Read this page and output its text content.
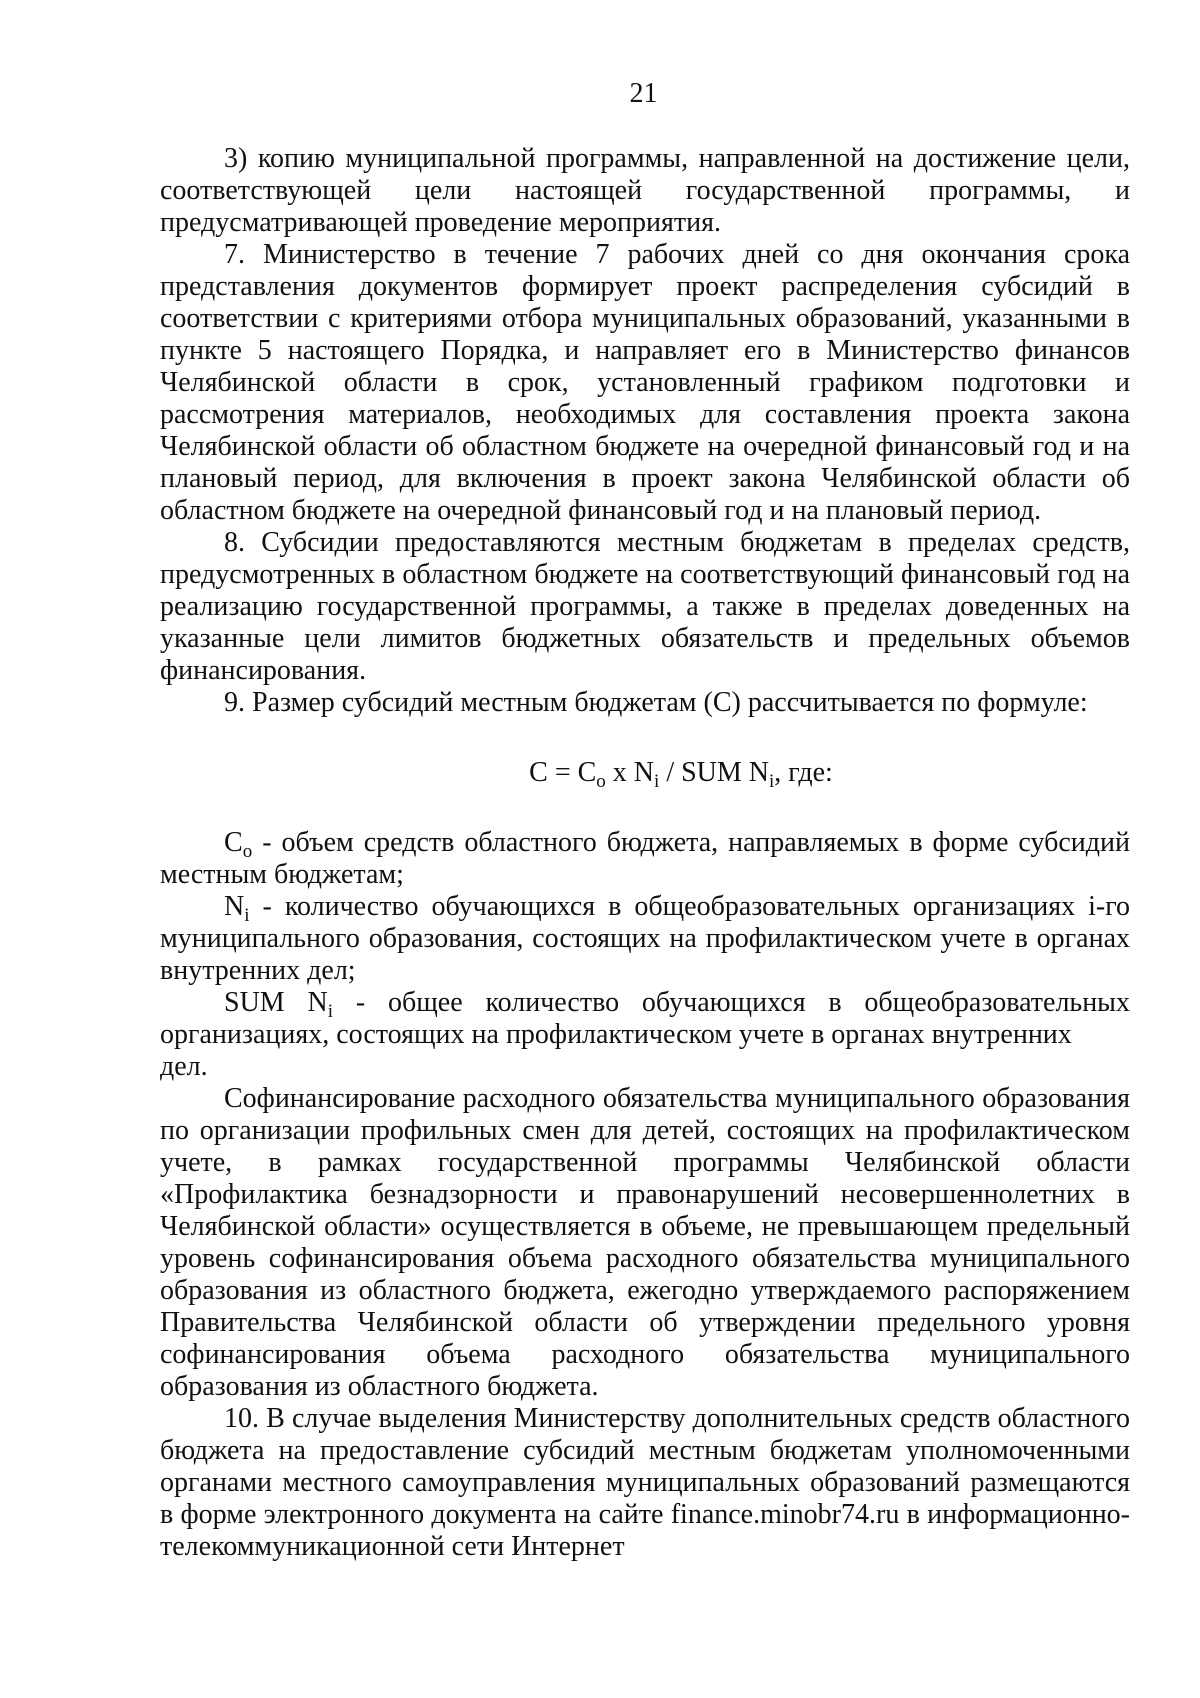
21

3) копию муниципальной программы, направленной на достижение цели, соответствующей цели настоящей государственной программы, и предусматривающей проведение мероприятия.

7. Министерство в течение 7 рабочих дней со дня окончания срока представления документов формирует проект распределения субсидий в соответствии с критериями отбора муниципальных образований, указанными в пункте 5 настоящего Порядка, и направляет его в Министерство финансов Челябинской области в срок, установленный графиком подготовки и рассмотрения материалов, необходимых для составления проекта закона Челябинской области об областном бюджете на очередной финансовый год и на плановый период, для включения в проект закона Челябинской области об областном бюджете на очередной финансовый год и на плановый период.

8. Субсидии предоставляются местным бюджетам в пределах средств, предусмотренных в областном бюджете на соответствующий финансовый год на реализацию государственной программы, а также в пределах доведенных на указанные цели лимитов бюджетных обязательств и предельных объемов финансирования.

9. Размер субсидий местным бюджетам (С) рассчитывается по формуле:

$С = С_о$ х $N_i$ / SUM $N_i$, где:

$С_о$ - объем средств областного бюджета, направляемых в форме субсидий местным бюджетам;

$N_i$ - количество обучающихся в общеобразовательных организациях i-го муниципального образования, состоящих на профилактическом учете в органах внутренних дел;

SUM $N_i$ - общее количество обучающихся в общеобразовательных организациях, состоящих на профилактическом учете в органах внутренних

дел.

Софинансирование расходного обязательства муниципального образования по организации профильных смен для детей, состоящих на профилактическом учете, в рамках государственной программы Челябинской области «Профилактика безнадзорности и правонарушений несовершеннолетних в Челябинской области» осуществляется в объеме, не превышающем предельный уровень софинансирования объема расходного обязательства муниципального образования из областного бюджета, ежегодно утверждаемого распоряжением Правительства Челябинской области об утверждении предельного уровня софинансирования объема расходного обязательства муниципального образования из областного бюджета.

10. В случае выделения Министерству дополнительных средств областного бюджета на предоставление субсидий местным бюджетам уполномоченными органами местного самоуправления муниципальных образований размещаются в форме электронного документа на сайте finance.minobr74.ru в информационно-телекоммуникационной сети Интернет
